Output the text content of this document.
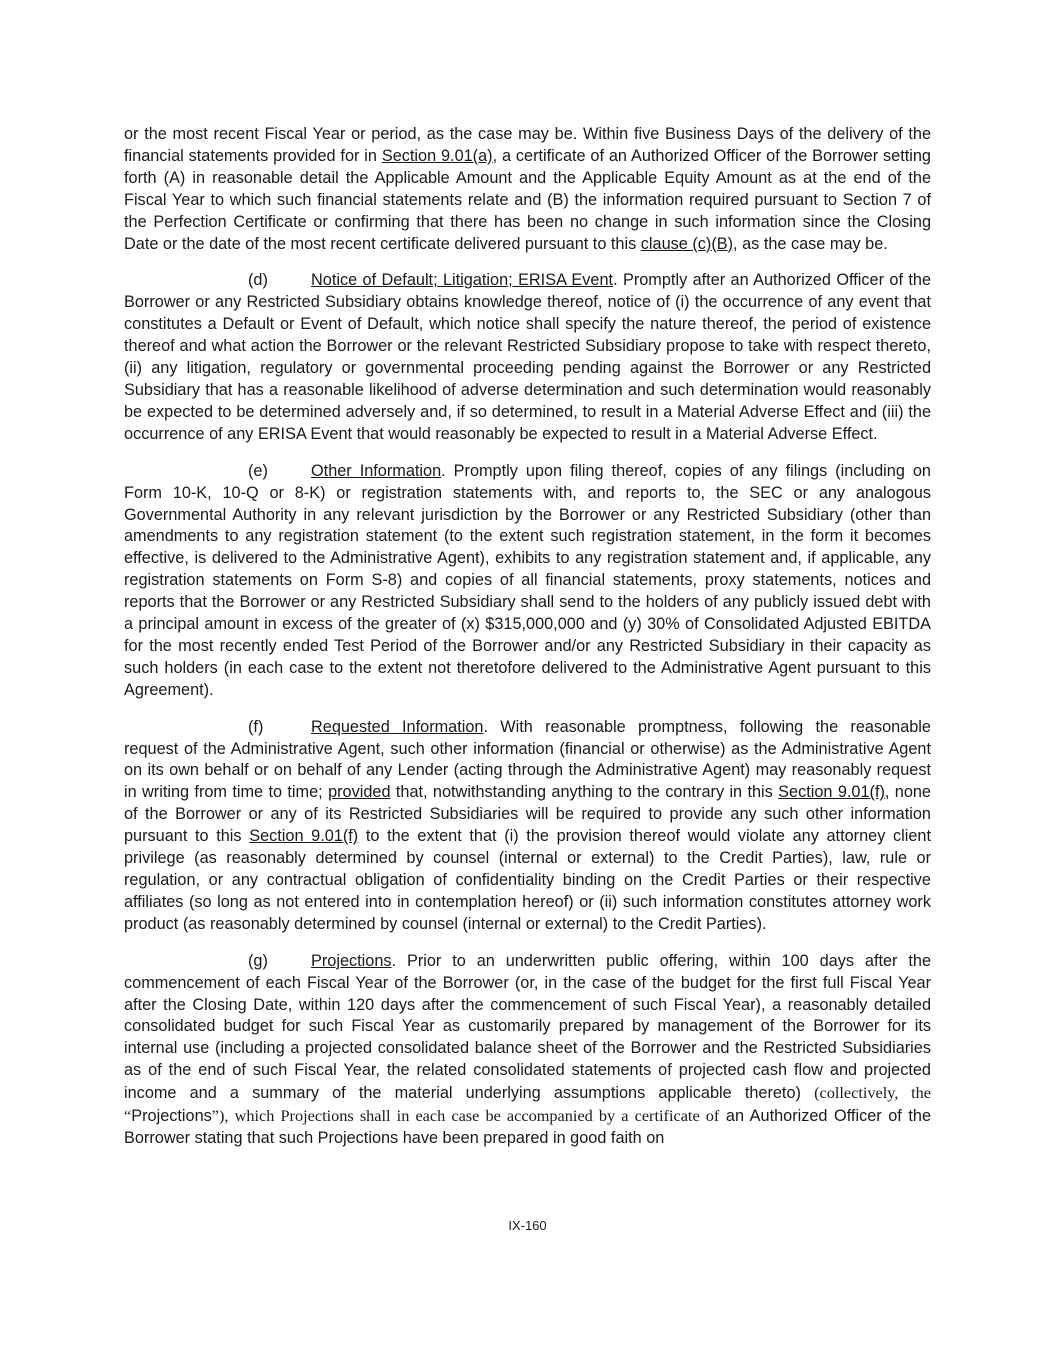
or the most recent Fiscal Year or period, as the case may be. Within five Business Days of the delivery of the financial statements provided for in Section 9.01(a), a certificate of an Authorized Officer of the Borrower setting forth (A) in reasonable detail the Applicable Amount and the Applicable Equity Amount as at the end of the Fiscal Year to which such financial statements relate and (B) the information required pursuant to Section 7 of the Perfection Certificate or confirming that there has been no change in such information since the Closing Date or the date of the most recent certificate delivered pursuant to this clause (c)(B), as the case may be.

(d)	Notice of Default; Litigation; ERISA Event. Promptly after an Authorized Officer of the Borrower or any Restricted Subsidiary obtains knowledge thereof, notice of (i) the occurrence of any event that constitutes a Default or Event of Default, which notice shall specify the nature thereof, the period of existence thereof and what action the Borrower or the relevant Restricted Subsidiary propose to take with respect thereto, (ii) any litigation, regulatory or governmental proceeding pending against the Borrower or any Restricted Subsidiary that has a reasonable likelihood of adverse determination and such determination would reasonably be expected to be determined adversely and, if so determined, to result in a Material Adverse Effect and (iii) the occurrence of any ERISA Event that would reasonably be expected to result in a Material Adverse Effect.

(e)	Other Information. Promptly upon filing thereof, copies of any filings (including on Form 10-K, 10-Q or 8-K) or registration statements with, and reports to, the SEC or any analogous Governmental Authority in any relevant jurisdiction by the Borrower or any Restricted Subsidiary (other than amendments to any registration statement (to the extent such registration statement, in the form it becomes effective, is delivered to the Administrative Agent), exhibits to any registration statement and, if applicable, any registration statements on Form S-8) and copies of all financial statements, proxy statements, notices and reports that the Borrower or any Restricted Subsidiary shall send to the holders of any publicly issued debt with a principal amount in excess of the greater of (x) $315,000,000 and (y) 30% of Consolidated Adjusted EBITDA for the most recently ended Test Period of the Borrower and/or any Restricted Subsidiary in their capacity as such holders (in each case to the extent not theretofore delivered to the Administrative Agent pursuant to this Agreement).

(f)	Requested Information. With reasonable promptness, following the reasonable request of the Administrative Agent, such other information (financial or otherwise) as the Administrative Agent on its own behalf or on behalf of any Lender (acting through the Administrative Agent) may reasonably request in writing from time to time; provided that, notwithstanding anything to the contrary in this Section 9.01(f), none of the Borrower or any of its Restricted Subsidiaries will be required to provide any such other information pursuant to this Section 9.01(f) to the extent that (i) the provision thereof would violate any attorney client privilege (as reasonably determined by counsel (internal or external) to the Credit Parties), law, rule or regulation, or any contractual obligation of confidentiality binding on the Credit Parties or their respective affiliates (so long as not entered into in contemplation hereof) or (ii) such information constitutes attorney work product (as reasonably determined by counsel (internal or external) to the Credit Parties).

(g)	Projections. Prior to an underwritten public offering, within 100 days after the commencement of each Fiscal Year of the Borrower (or, in the case of the budget for the first full Fiscal Year after the Closing Date, within 120 days after the commencement of such Fiscal Year), a reasonably detailed consolidated budget for such Fiscal Year as customarily prepared by management of the Borrower for its internal use (including a projected consolidated balance sheet of the Borrower and the Restricted Subsidiaries as of the end of such Fiscal Year, the related consolidated statements of projected cash flow and projected income and a summary of the material underlying assumptions applicable thereto) (collectively, the “Projections”), which Projections shall in each case be accompanied by a certificate of an Authorized Officer of the Borrower stating that such Projections have been prepared in good faith on

IX-160
